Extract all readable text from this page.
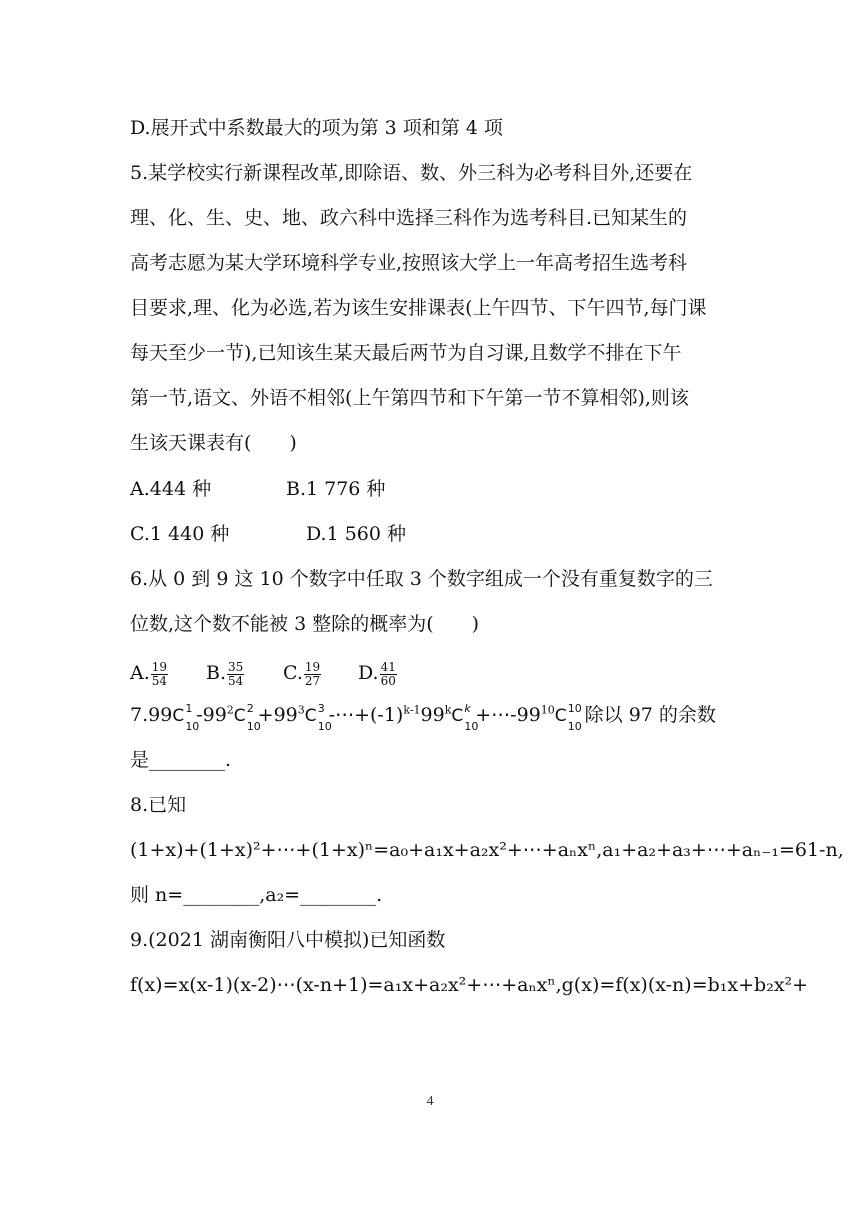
D.展开式中系数最大的项为第 3 项和第 4 项
5.某学校实行新课程改革,即除语、数、外三科为必考科目外,还要在
理、化、生、史、地、政六科中选择三科作为选考科目.已知某生的
高考志愿为某大学环境科学专业,按照该大学上一年高考招生选考科
目要求,理、化为必选,若为该生安排课表(上午四节、下午四节,每门课
每天至少一节),已知该生某天最后两节为自习课,且数学不排在下午
第一节,语文、外语不相邻(上午第四节和下午第一节不算相邻),则该
生该天课表有(　　)
A.444 种	B.1 776 种
C.1 440 种	D.1 560 种
6.从 0 到 9 这 10 个数字中任取 3 个数字组成一个没有重复数字的三
位数,这个数不能被 3 整除的概率为(　　)
A. $\frac{19}{54} B$. $\frac{35}{54} C$. $\frac{19}{27} D$. $\frac{41}{60}$
7.99C 1
10
$-99^2C$ 2
10
$+99^3C$ 3
10
$-\cdots+(-1)^{k-1}99^kC$ k
10
$+\cdots-99^{10}C$ 10
10
除以 97 的余数
是________.
8.已知
(1+x)+(1+x)²+⋯+(1+x)ⁿ=a₀+a₁x+a₂x²+⋯+aₙxⁿ,a₁+a₂+a₃+⋯+aₙ₋₁=61-n,
则 n=________,a₂=________.
9.(2021 湖南衡阳八中模拟)已知函数
f(x)=x(x-1)(x-2)⋯(x-n+1)=a₁x+a₂x²+⋯+aₙxⁿ,g(x)=f(x)(x-n)=b₁x+b₂x²+
4
